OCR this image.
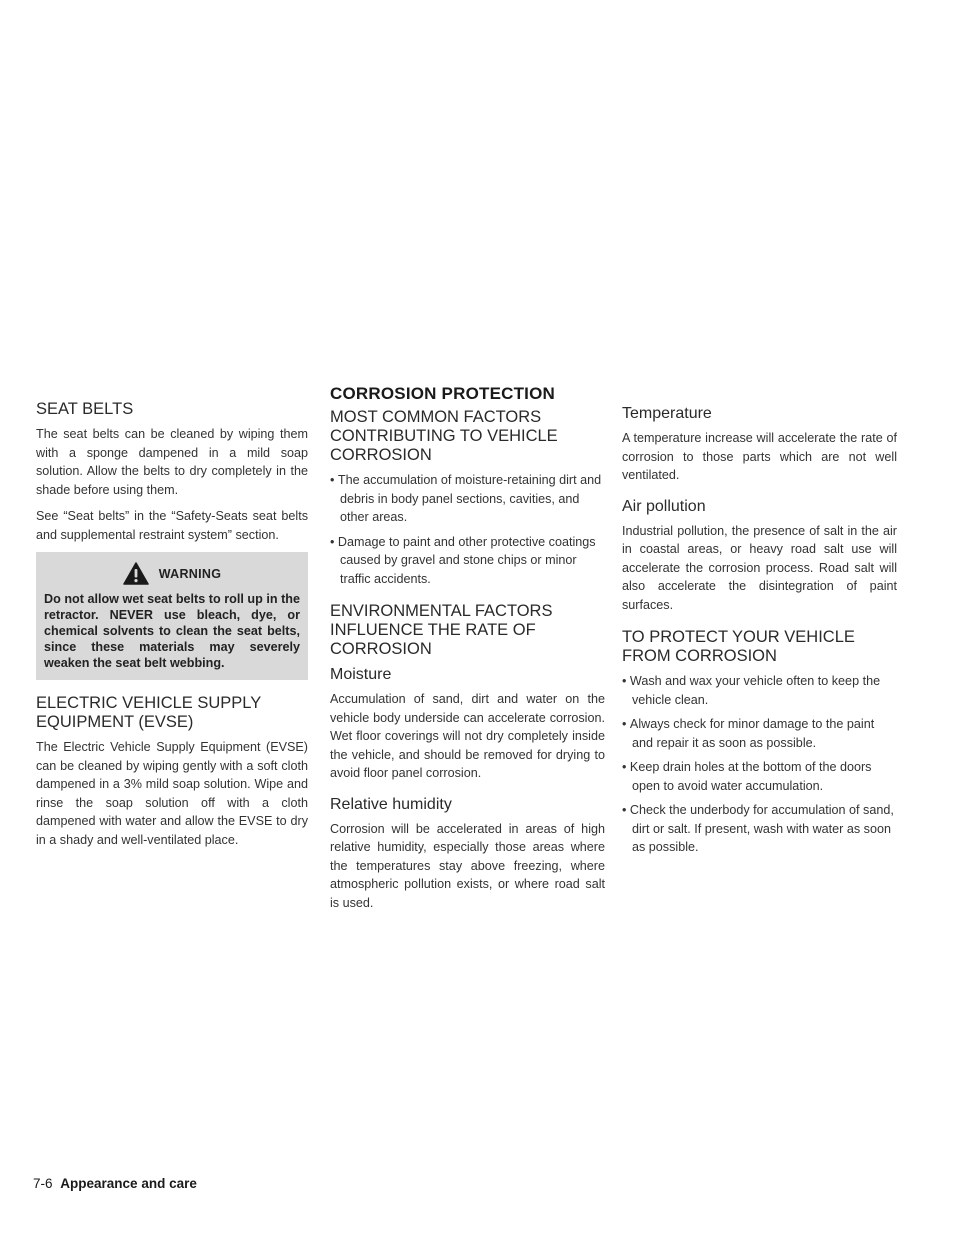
SEAT BELTS

The seat belts can be cleaned by wiping them with a sponge dampened in a mild soap solution. Allow the belts to dry completely in the shade before using them.

See “Seat belts” in the “Safety-Seats seat belts and supplemental restraint system” section.

WARNING
Do not allow wet seat belts to roll up in the retractor. NEVER use bleach, dye, or chemical solvents to clean the seat belts, since these materials may severely weaken the seat belt webbing.
ELECTRIC VEHICLE SUPPLY EQUIPMENT (EVSE)

The Electric Vehicle Supply Equipment (EVSE) can be cleaned by wiping gently with a soft cloth dampened in a 3% mild soap solution. Wipe and rinse the soap solution off with a cloth dampened with water and allow the EVSE to dry in a shady and well-ventilated place.

CORROSION PROTECTION
MOST COMMON FACTORS CONTRIBUTING TO VEHICLE CORROSION
• The accumulation of moisture-retaining dirt and debris in body panel sections, cavities, and other areas.
• Damage to paint and other protective coatings caused by gravel and stone chips or minor traffic accidents.
ENVIRONMENTAL FACTORS INFLUENCE THE RATE OF CORROSION
Moisture

Accumulation of sand, dirt and water on the vehicle body underside can accelerate corrosion. Wet floor coverings will not dry completely inside the vehicle, and should be removed for drying to avoid floor panel corrosion.

Relative humidity

Corrosion will be accelerated in areas of high relative humidity, especially those areas where the temperatures stay above freezing, where atmospheric pollution exists, or where road salt is used.

Temperature

A temperature increase will accelerate the rate of corrosion to those parts which are not well ventilated.

Air pollution

Industrial pollution, the presence of salt in the air in coastal areas, or heavy road salt use will accelerate the corrosion process. Road salt will also accelerate the disintegration of paint surfaces.

TO PROTECT YOUR VEHICLE FROM CORROSION
• Wash and wax your vehicle often to keep the vehicle clean.
• Always check for minor damage to the paint and repair it as soon as possible.
• Keep drain holes at the bottom of the doors open to avoid water accumulation.
• Check the underbody for accumulation of sand, dirt or salt. If present, wash with water as soon as possible.
7-6 Appearance and care
